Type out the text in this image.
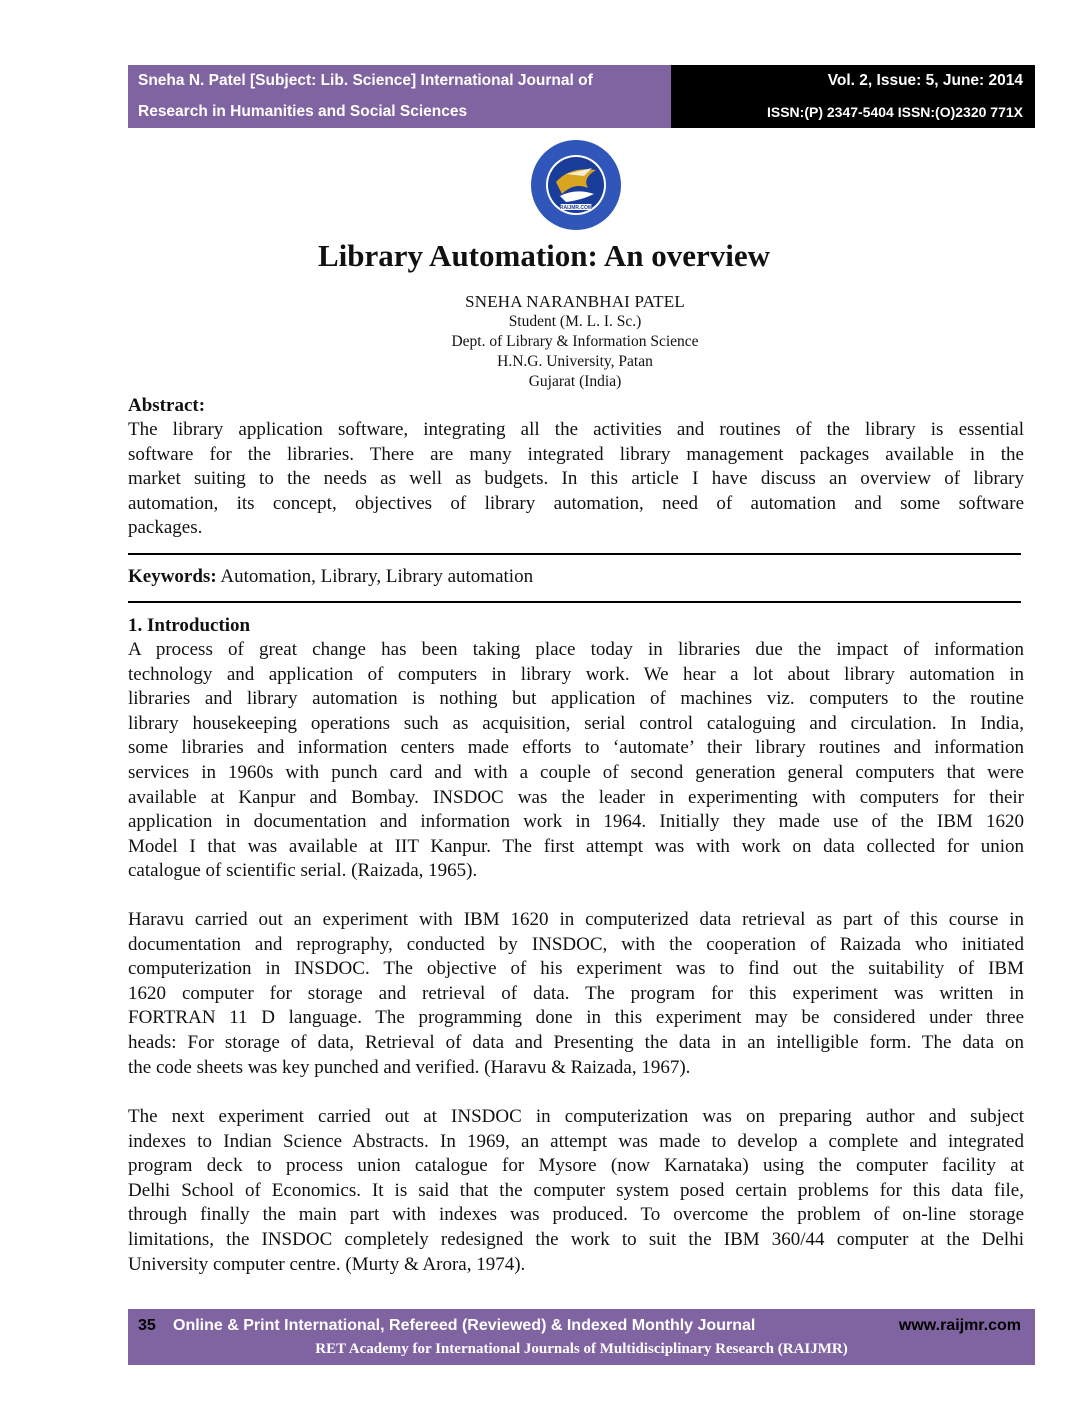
Sneha N. Patel [Subject: Lib. Science] International Journal of
Research in Humanities and Social Sciences
Vol. 2, Issue: 5, June: 2014
ISSN:(P) 2347-5404 ISSN:(O)2320 771X
RAIJMR.COM
Library Automation: An overview
SNEHA NARANBHAI PATEL
Student (M. L. I. Sc.)
Dept. of Library & Information Science
H.N.G. University, Patan
Gujarat (India)
Abstract:
The library application software, integrating all the activities and routines of the library is essential
software for the libraries. There are many integrated library management packages available in the
market suiting to the needs as well as budgets. In this article I have discuss an overview of library
automation, its concept, objectives of library automation, need of automation and some software
packages.
Keywords: Automation, Library, Library automation
1. Introduction
A process of great change has been taking place today in libraries due the impact of information
technology and application of computers in library work. We hear a lot about library automation in
libraries and library automation is nothing but application of machines viz. computers to the routine
library housekeeping operations such as acquisition, serial control cataloguing and circulation. In India,
some libraries and information centers made efforts to ‘automate’ their library routines and information
services in 1960s with punch card and with a couple of second generation general computers that were
available at Kanpur and Bombay. INSDOC was the leader in experimenting with computers for their
application in documentation and information work in 1964. Initially they made use of the IBM 1620
Model I that was available at IIT Kanpur. The first attempt was with work on data collected for union
catalogue of scientific serial. (Raizada, 1965).
Haravu carried out an experiment with IBM 1620 in computerized data retrieval as part of this course in
documentation and reprography, conducted by INSDOC, with the cooperation of Raizada who initiated
computerization in INSDOC. The objective of his experiment was to find out the suitability of IBM
1620 computer for storage and retrieval of data. The program for this experiment was written in
FORTRAN 11 D language. The programming done in this experiment may be considered under three
heads: For storage of data, Retrieval of data and Presenting the data in an intelligible form. The data on
the code sheets was key punched and verified. (Haravu & Raizada, 1967).
The next experiment carried out at INSDOC in computerization was on preparing author and subject
indexes to Indian Science Abstracts. In 1969, an attempt was made to develop a complete and integrated
program deck to process union catalogue for Mysore (now Karnataka) using the computer facility at
Delhi School of Economics. It is said that the computer system posed certain problems for this data file,
through finally the main part with indexes was produced. To overcome the problem of on-line storage
limitations, the INSDOC completely redesigned the work to suit the IBM 360/44 computer at the Delhi
University computer centre. (Murty & Arora, 1974).
35 Online & Print International, Refereed (Reviewed) & Indexed Monthly Journal	www.raijmr.com
RET Academy for International Journals of Multidisciplinary Research (RAIJMR)
